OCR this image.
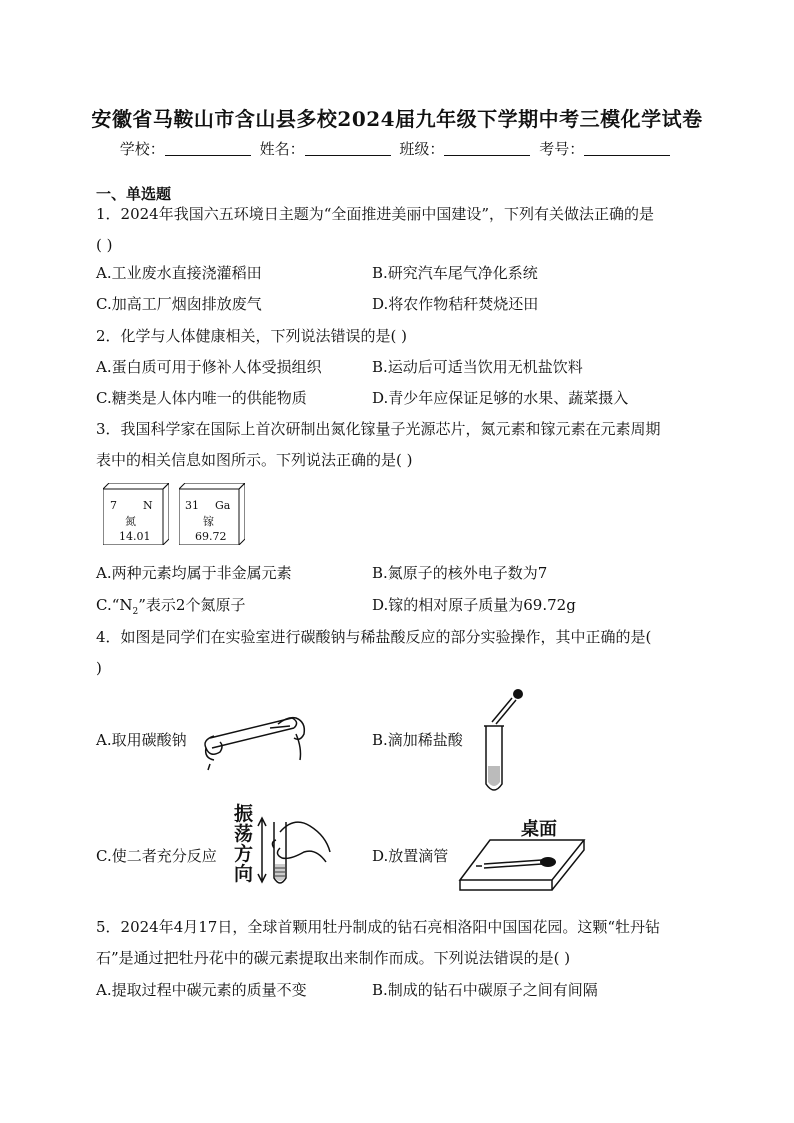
安徽省马鞍山市含山县多校2024届九年级下学期中考三模化学试卷
学校：	姓名：	班级：	考号：
一、单选题
1．2024年我国六五环境日主题为“全面推进美丽中国建设”，下列有关做法正确的是
( )
A.工业废水直接浇灌稻田	B.研究汽车尾气净化系统
C.加高工厂烟囱排放废气	D.将农作物秸秆焚烧还田
2．化学与人体健康相关，下列说法错误的是( )
A.蛋白质可用于修补人体受损组织	B.运动后可适当饮用无机盐饮料
C.糖类是人体内唯一的供能物质	D.青少年应保证足够的水果、蔬菜摄入
3．我国科学家在国际上首次研制出氮化镓量子光源芯片，氮元素和镓元素在元素周期
表中的相关信息如图所示。下列说法正确的是( )
7 N
氮
14.01
31 Ga
镓
69.72
A.两种元素均属于非金属元素	B.氮原子的核外电子数为7
$C.“N_2$”表示2个氮原子	D.镓的相对原子质量为69.72g
4．如图是同学们在实验室进行碳酸钠与稀盐酸反应的部分实验操作，其中正确的是(
)
A.取用碳酸钠	B.滴加稀盐酸
C.使二者充分反应
振荡方向
D.放置滴管
桌面
5．2024年4月17日，全球首颗用牡丹制成的钻石亮相洛阳中国国花园。这颗“牡丹钻
石”是通过把牡丹花中的碳元素提取出来制作而成。下列说法错误的是( )
A.提取过程中碳元素的质量不变	B.制成的钻石中碳原子之间有间隔
